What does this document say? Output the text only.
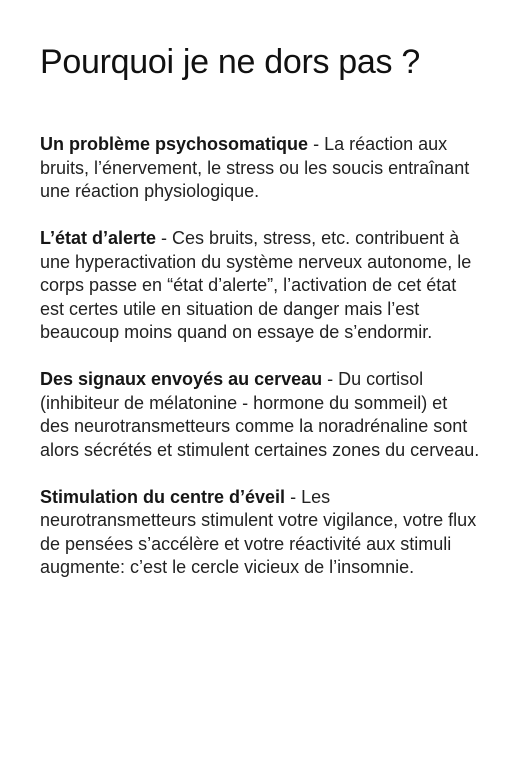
Pourquoi je ne dors pas ?

Un problème psychosomatique - La réaction aux bruits, l’énervement, le stress ou les soucis entraînant une réaction physiologique.

L’état d’alerte - Ces bruits, stress, etc. contribuent à une hyperactivation du système nerveux autonome, le corps passe en “état d’alerte”, l’activation de cet état est certes utile en situation de danger mais l’est beaucoup moins quand on essaye de s’endormir.

Des signaux envoyés au cerveau - Du cortisol (inhibiteur de mélatonine - hormone du sommeil) et des neurotransmetteurs comme la noradrénaline sont alors sécrétés et stimulent certaines zones du cerveau.

Stimulation du centre d’éveil - Les neurotransmetteurs stimulent votre vigilance, votre flux de pensées s’accélère et votre réactivité aux stimuli augmente: c’est le cercle vicieux de l’insomnie.
